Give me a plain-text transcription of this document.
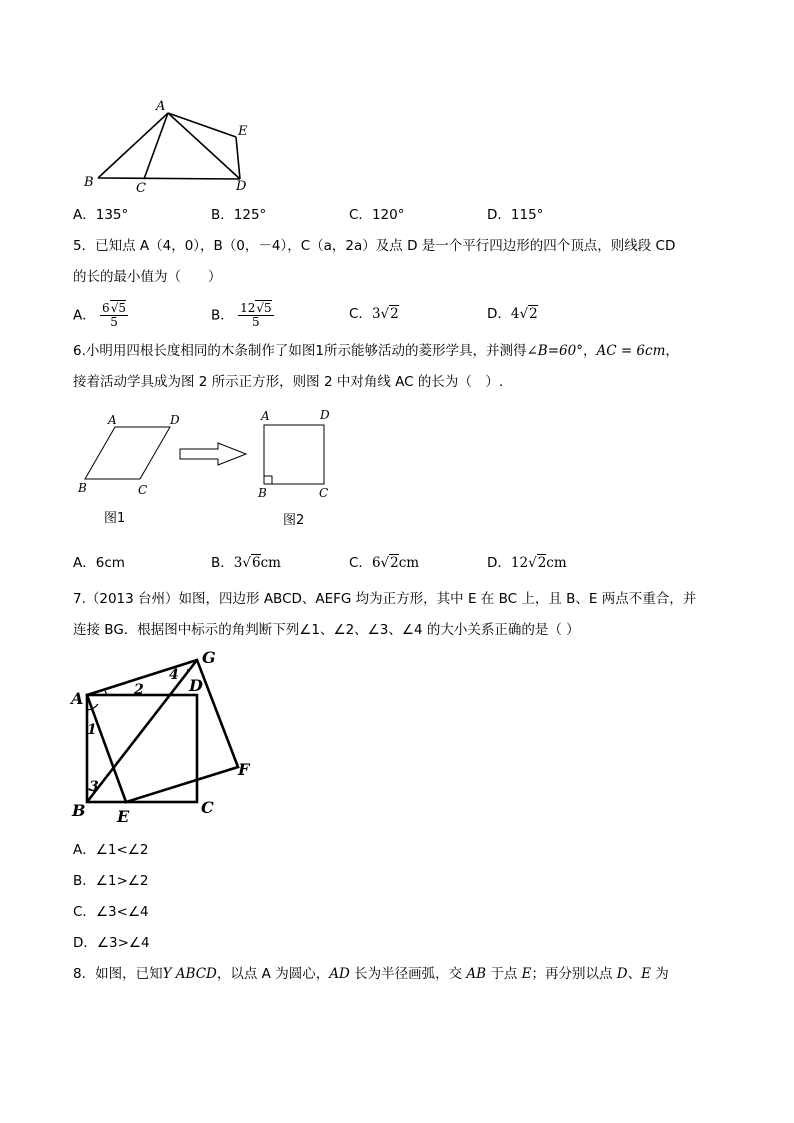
A
B	C	D
E
A．135°	B．125°	C．120°	D．115°
5．已知点 A（4，0），B（0，－4），C（a，2a）及点 D 是一个平行四边形的四个顶点，则线段 CD
的长的最小值为（　　）
A． $\frac{6√5}{5}$	B． $\frac{12√5}{5}$	C．3√2	D．4√2
6.小明用四根长度相同的木条制作了如图1所示能够活动的菱形学具，并测得∠B=60°，AC = 6cm，
接着活动学具成为图 2 所示正方形，则图 2 中对角线 AC 的长为（　）.
A	D
B	C
A	D
B	C
图1	图2
A．6cm	B．3√6cm	C．6√2cm	D．12√2cm
7.（2013 台州）如图，四边形 ABCD、AEFG 均为正方形，其中 E 在 BC 上，且 B、E 两点不重合，并
连接 BG．根据图中标示的角判断下列∠1、∠2、∠3、∠4 的大小关系正确的是（ ）
A
B	C
D
E
F
G
1
2
3
4
A．∠1<∠2
B．∠1>∠2
C．∠3<∠4
D．∠3>∠4
8．如图，已知Y ABCD，以点 A 为圆心，AD 长为半径画弧，交 AB 于点 E；再分别以点 D、E 为
